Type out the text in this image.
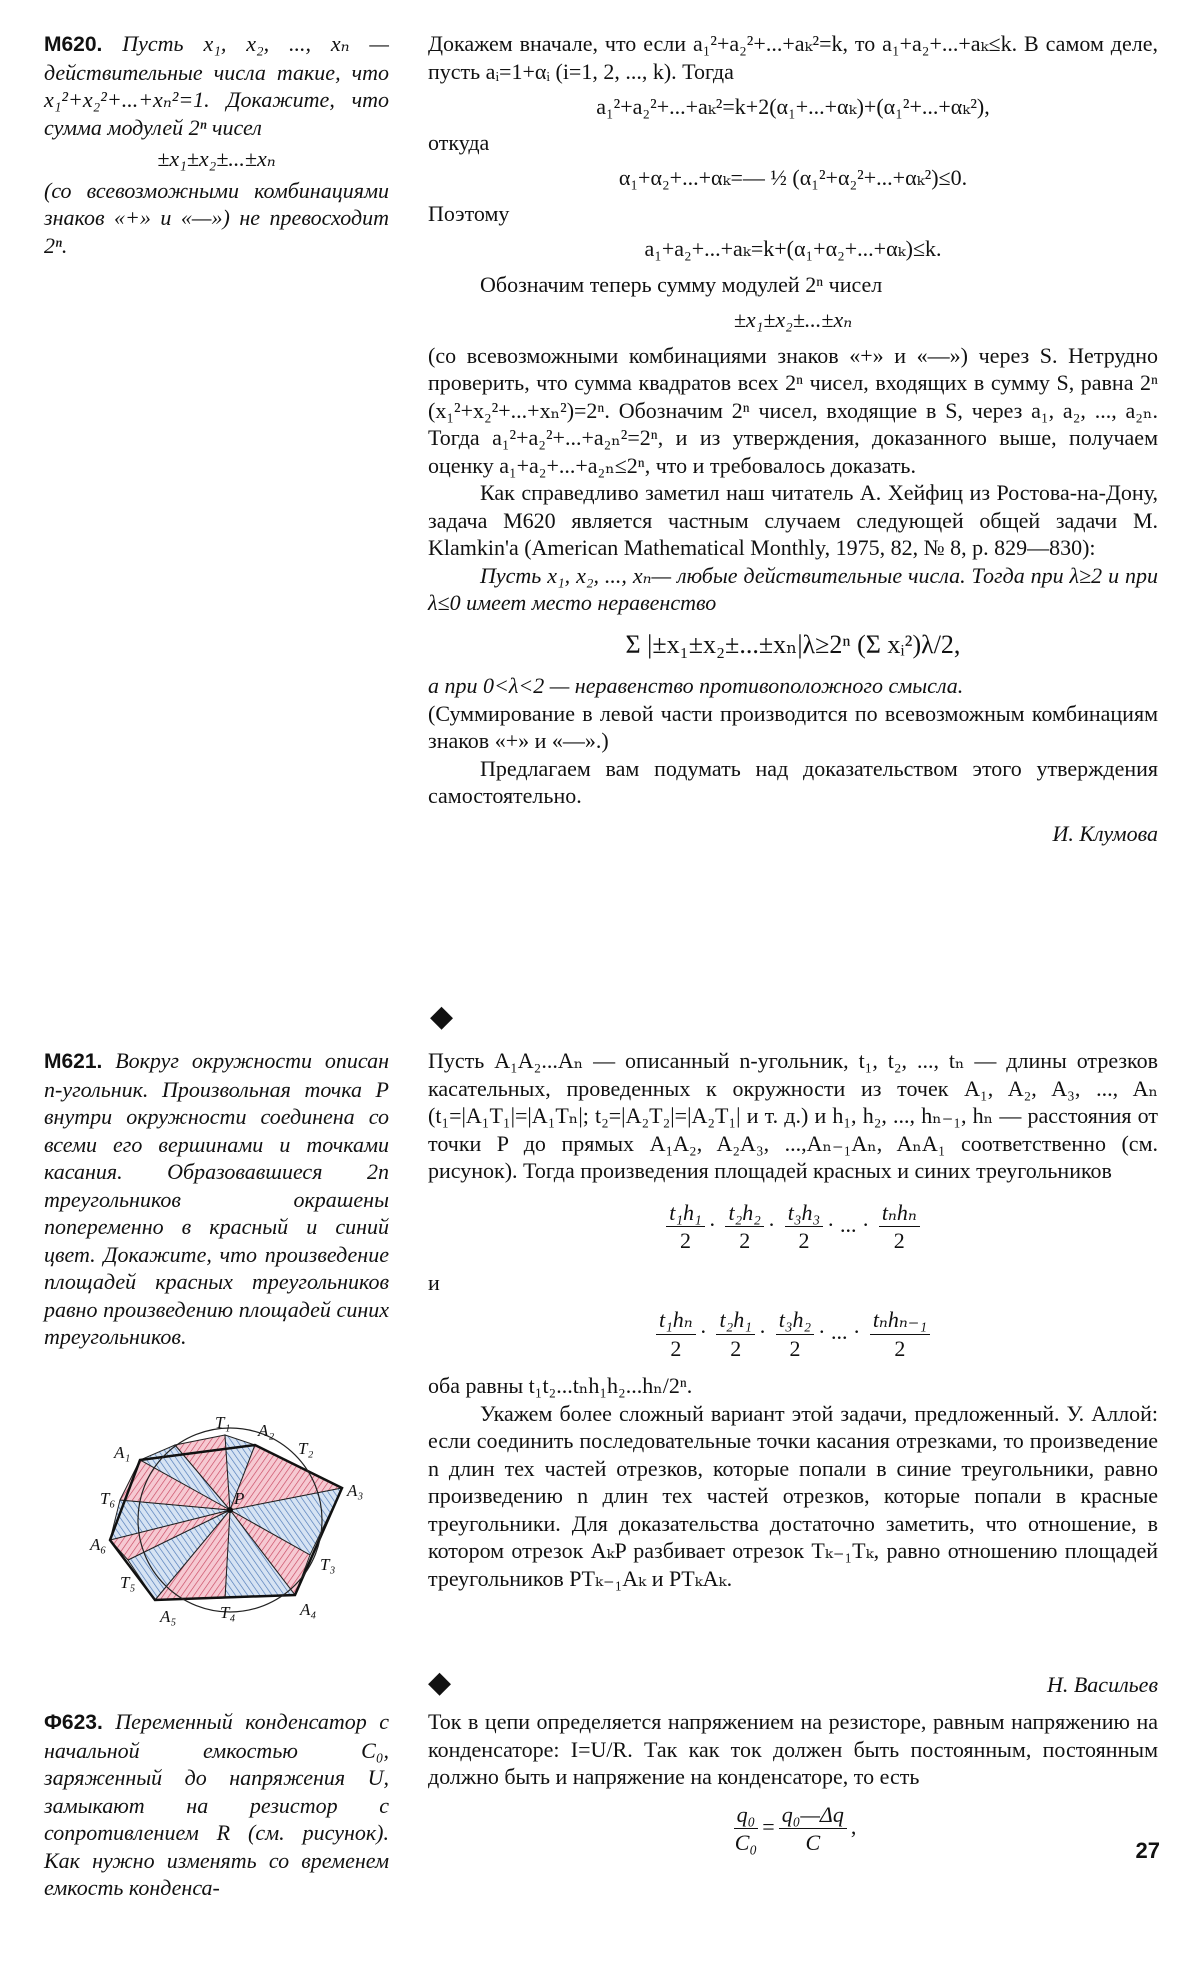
М620. Пусть x₁, x₂, ..., xₙ — действительные числа такие, что x₁²+x₂²+...+xₙ²=1. Докажите, что сумма модулей 2ⁿ чисел

±x₁±x₂±...±xₙ

(со всевозможными комбинациями знаков «+» и «—») не превосходит 2ⁿ.

Докажем вначале, что если a₁²+a₂²+...+aₖ²=k, то a₁+a₂+...+aₖ≤k. В самом деле, пусть aᵢ=1+αᵢ (i=1, 2, ..., k). Тогда

a₁²+a₂²+...+aₖ²=k+2(α₁+...+αₖ)+(α₁²+...+αₖ²),

откуда

α₁+α₂+...+αₖ=— ½ (α₁²+α₂²+...+αₖ²)≤0.

Поэтому

a₁+a₂+...+aₖ=k+(α₁+α₂+...+αₖ)≤k.

Обозначим теперь сумму модулей 2ⁿ чисел

±x₁±x₂±...±xₙ

(со всевозможными комбинациями знаков «+» и «—») через S. Нетрудно проверить, что сумма квадратов всех 2ⁿ чисел, входящих в сумму S, равна 2ⁿ (x₁²+x₂²+...+xₙ²)=2ⁿ. Обозначим 2ⁿ чисел, входящие в S, через a₁, a₂, ..., a₂ₙ. Тогда a₁²+a₂²+...+a₂ₙ²=2ⁿ, и из утверждения, доказанного выше, получаем оценку a₁+a₂+...+a₂ₙ≤2ⁿ, что и требовалось доказать.

Как справедливо заметил наш читатель А. Хейфиц из Ростова-на-Дону, задача М620 является частным случаем следующей общей задачи M. Klamkin'a (American Mathematical Monthly, 1975, 82, № 8, p. 829—830):

Пусть x₁, x₂, ..., xₙ— любые действительные числа. Тогда при λ≥2 и при λ≤0 имеет место неравенство

Σ |±x₁±x₂±...±xₙ|λ≥2ⁿ (Σ xᵢ²)λ/2,

а при 0<λ<2 — неравенство противоположного смысла.

(Суммирование в левой части производится по всевозможным комбинациям знаков «+» и «—».)

Предлагаем вам подумать над доказательством этого утверждения самостоятельно.

И. Клумова

◆

М621. Вокруг окружности описан n-угольник. Произвольная точка P внутри окружности соединена со всеми его вершинами и точками касания. Образовавшиеся 2n треугольников окрашены попеременно в красный и синий цвет. Докажите, что произведение площадей красных треугольников равно произведению площадей синих треугольников.

A₁
T₁ A₂
T₂
A₃
T₃
A₄
T₄
A₅
T₅
A₆
T₆	P

Пусть A₁A₂...Aₙ — описанный n-угольник, t₁, t₂, ..., tₙ — длины отрезков касательных, проведенных к окружности из точек A₁, A₂, A₃, ..., Aₙ (t₁=|A₁T₁|=|A₁Tₙ|; t₂=|A₂T₂|=|A₂T₁| и т. д.) и h₁, h₂, ..., hₙ₋₁, hₙ — расстояния от точки P до прямых A₁A₂, A₂A₃, ...,Aₙ₋₁Aₙ, AₙA₁ соответственно (см. рисунок). Тогда произведения площадей красных и синих треугольников

$\frac{\text{t₁h₁}}{2} \cdot \frac{\text{t₂h₂}}{2} \cdot \frac{\text{t₃h₃}}{2}$ · ... · $\frac{\text{tₙhₙ}}{2}$

и

$\frac{\text{t₁hₙ}}{2} \cdot \frac{\text{t₂h₁}}{2} \cdot \frac{\text{t₃h₂}}{2}$ · ... · $\frac{\text{tₙhₙ₋₁}}{2}$

оба равны t₁t₂...tₙh₁h₂...hₙ/2ⁿ.

Укажем более сложный вариант этой задачи, предложенный. У. Аллой: если соединить последовательные точки касания отрезками, то произведение n длин тех частей отрезков, которые попали в синие треугольники, равно произведению n длин тех частей отрезков, которые попали в красные треугольники. Для доказательства достаточно заметить, что отношение, в котором отрезок AₖP разбивает отрезок Tₖ₋₁Tₖ, равно отношению площадей треугольников PTₖ₋₁Aₖ и PTₖAₖ.

◆	Н. Васильев

Ф623. Переменный конденсатор с начальной емкостью C₀, заряженный до напряжения U, замыкают на резистор с сопротивлением R (см. рисунок). Как нужно изменять со временем емкость конденса-

Ток в цепи определяется напряжением на резисторе, равным напряжению на конденсаторе: I=U/R. Так как ток должен быть постоянным, постоянным должно быть и напряжение на конденсаторе, то есть

$\frac{\text{q₀}}{\text{C₀}} = \frac{\text{q₀—Δq}}{C}$ ,

27
